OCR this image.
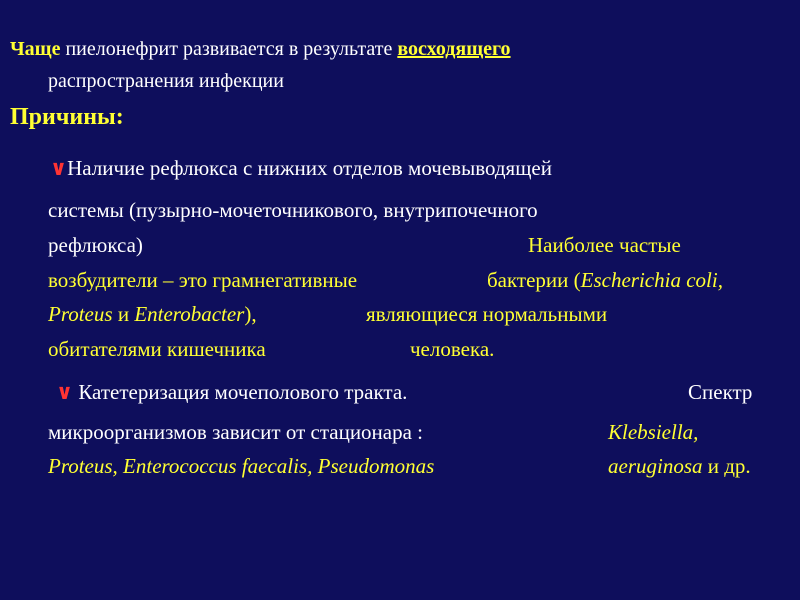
Чаще пиелонефрит развивается в результате восходящего
распространения инфекции
Причины:
∨Наличие рефлюкса с нижних отделов мочевыводящей
системы (пузырно-мочеточникового, внутрипочечного
рефлюкса)	Наиболее частые
возбудители – это грамнегативные	бактерии (Escherichia coli,
Proteus и Enterobacter),	являющиеся нормальными
обитателями кишечника	человека.
∨ Катетеризация мочеполового тракта.	Спектр
микроорганизмов зависит от стационара :	Klebsiella,
Proteus, Enterococcus faecalis, Pseudomonas	aeruginosa и др.
